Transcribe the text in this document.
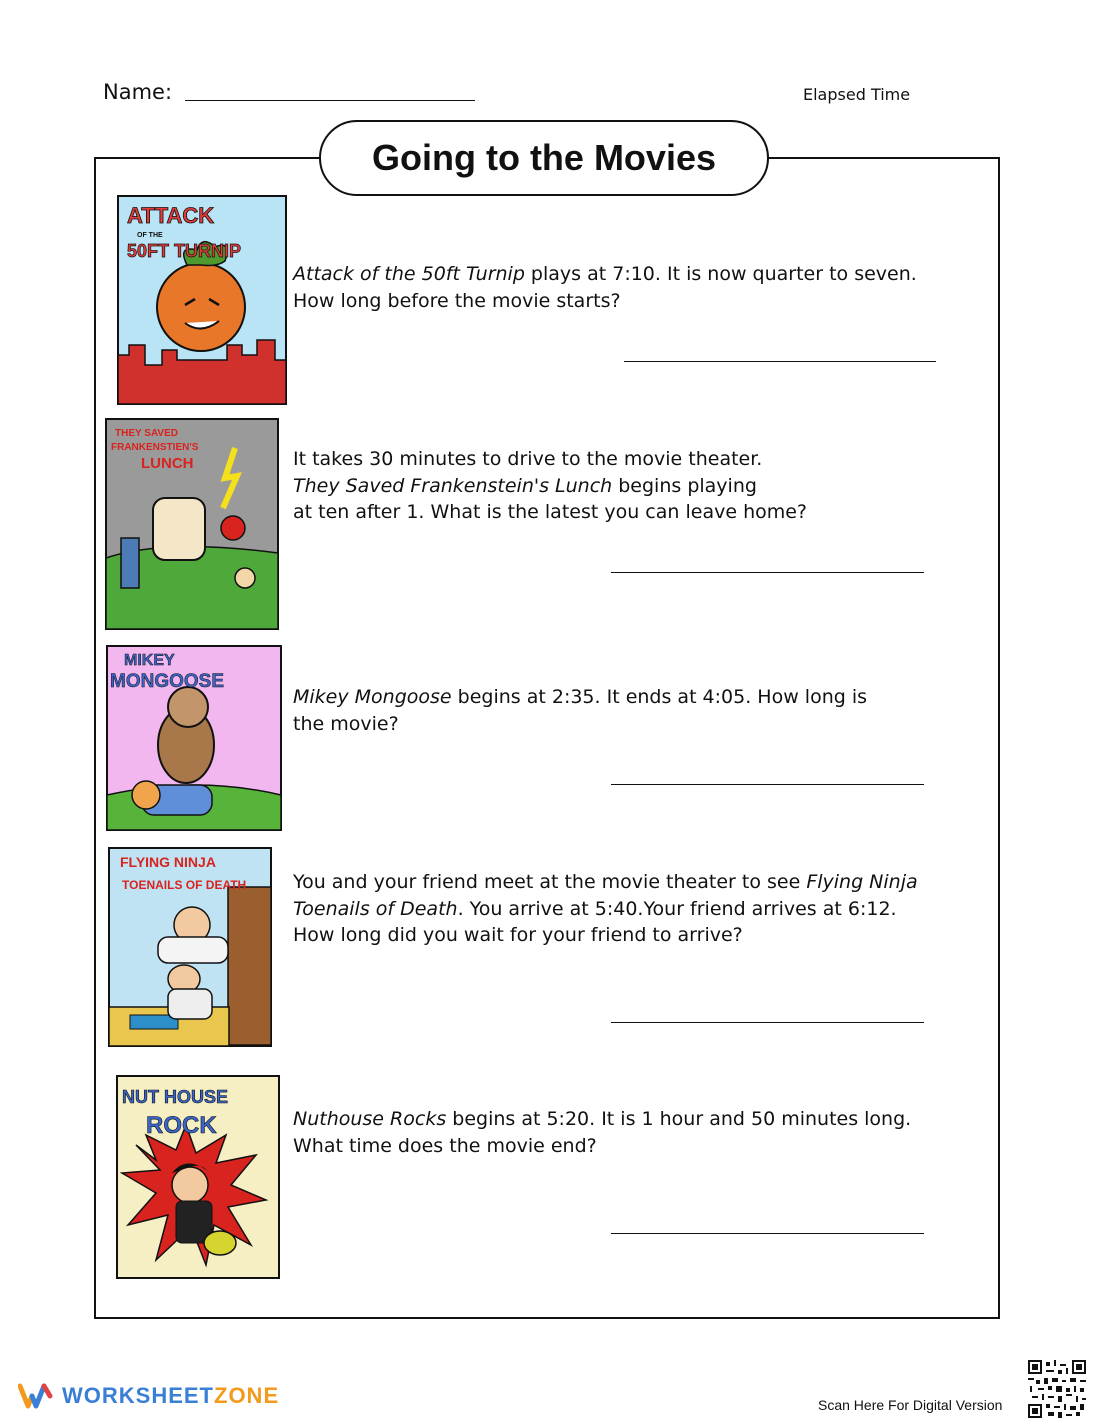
Name:	Elapsed Time
Going to the Movies
ATTACK
OF THE
50FT TURNIP
Attack of the 50ft Turnip plays at 7:10. It is now quarter to seven.
How long before the movie starts?
THEY SAVED
FRANKENSTIEN'S
LUNCH	It takes 30 minutes to drive to the movie theater.
They Saved Frankenstein's Lunch begins playing
at ten after 1. What is the latest you can leave home?
MIKEY
MONGOOSE
Mikey Mongoose begins at 2:35. It ends at 4:05. How long is
the movie?
FLYING NINJA
TOENAILS OF DEATH You and your friend meet at the movie theater to see Flying Ninja
Toenails of Death. You arrive at 5:40.Your friend arrives at 6:12.
How long did you wait for your friend to arrive?
NUT HOUSE
ROCK	Nuthouse Rocks begins at 5:20. It is 1 hour and 50 minutes long.
What time does the movie end?
WORKSHEETZONE	Scan Here For Digital Version
